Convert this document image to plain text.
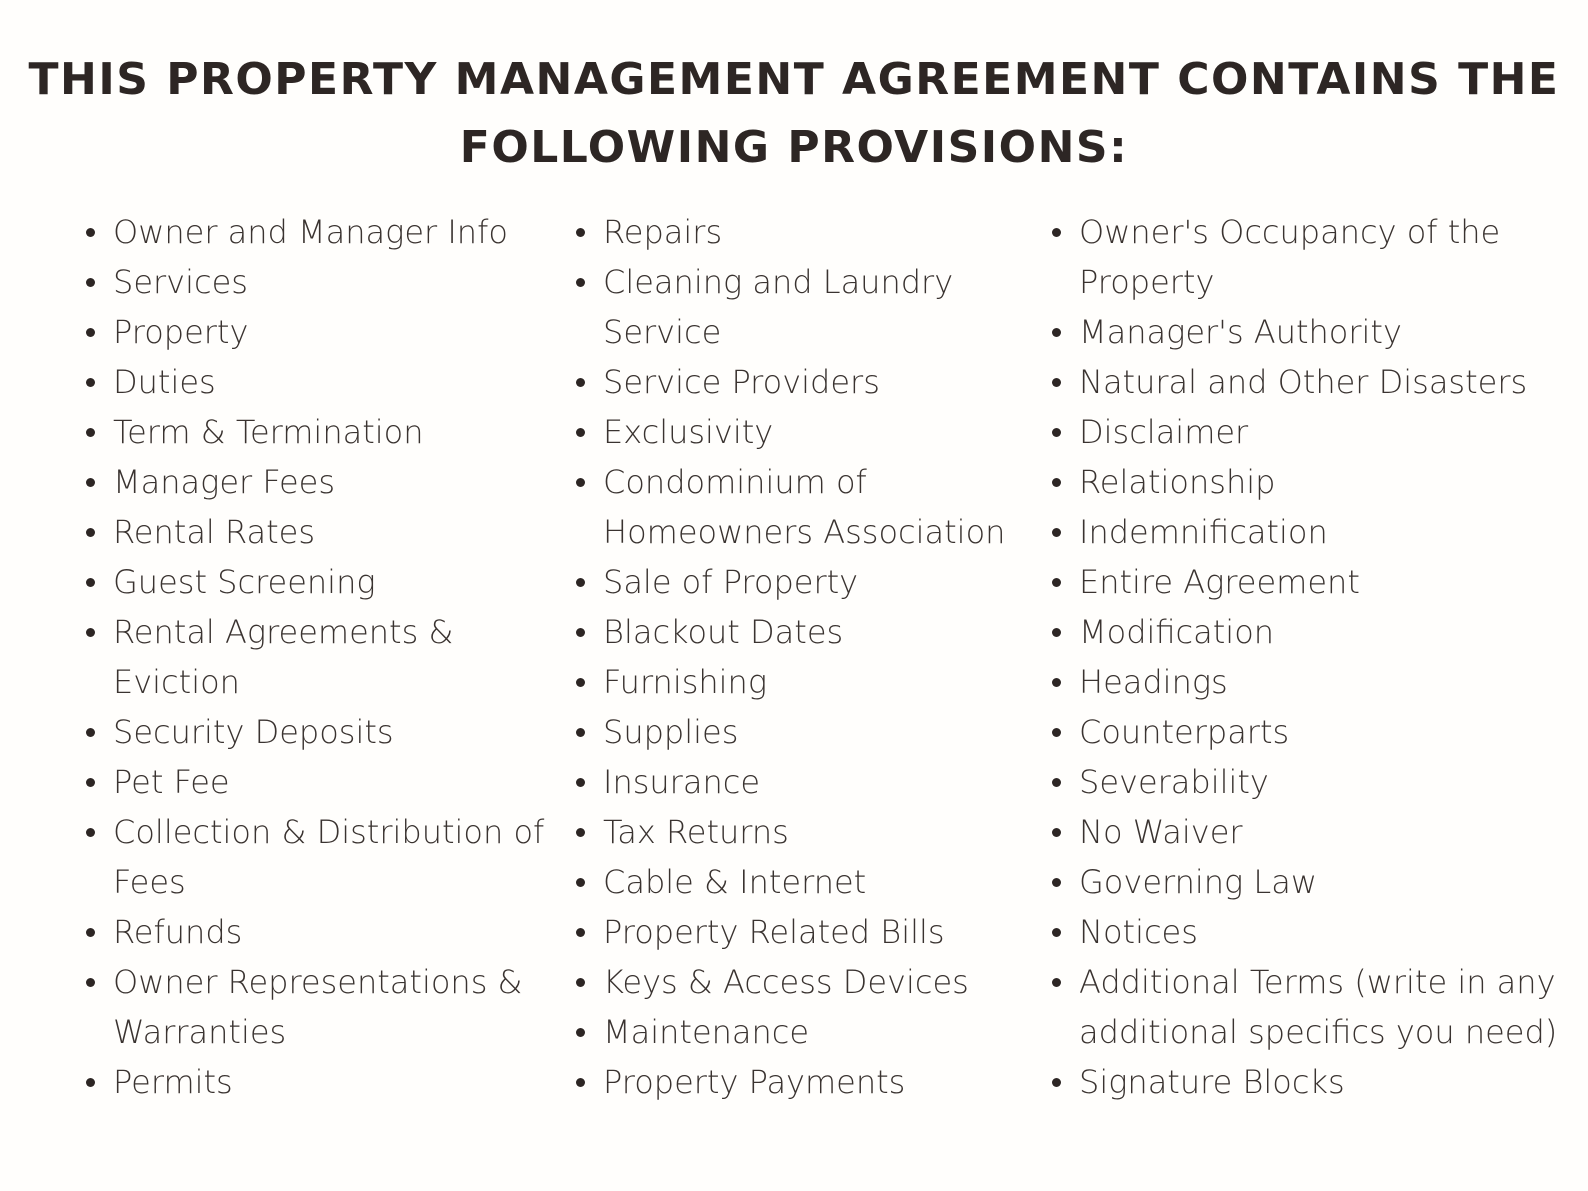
THIS PROPERTY MANAGEMENT AGREEMENT CONTAINS THE
FOLLOWING PROVISIONS:
Owner and Manager Info
Services
Property
Duties
Term & Termination
Manager Fees
Rental Rates
Guest Screening
Rental Agreements & Eviction
Security Deposits
Pet Fee
Collection & Distribution of Fees
Refunds
Owner Representations & Warranties
Permits
Repairs
Cleaning and Laundry Service
Service Providers
Exclusivity
Condominium of Homeowners Association
Sale of Property
Blackout Dates
Furnishing
Supplies
Insurance
Tax Returns
Cable & Internet
Property Related Bills
Keys & Access Devices
Maintenance
Property Payments
Owner's Occupancy of the Property
Manager's Authority
Natural and Other Disasters
Disclaimer
Relationship
Indemnification
Entire Agreement
Modification
Headings
Counterparts
Severability
No Waiver
Governing Law
Notices
Additional Terms (write in any additional specifics you need)
Signature Blocks
